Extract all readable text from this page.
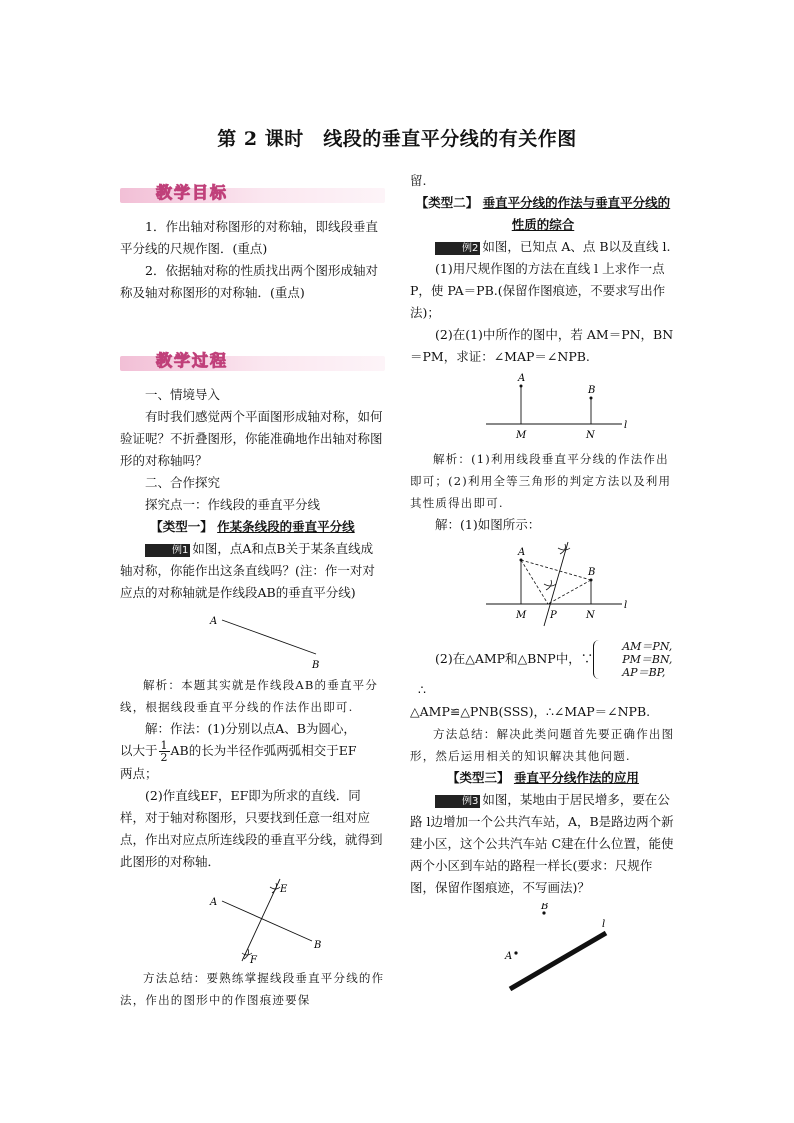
第 2 课时　线段的垂直平分线的有关作图
教学目标

1．作出轴对称图形的对称轴，即线段垂直平分线的尺规作图．(重点)

2．依据轴对称的性质找出两个图形成轴对称及轴对称图形的对称轴．(重点)

教学过程

一、情境导入

有时我们感觉两个平面图形成轴对称，如何验证呢？不折叠图形，你能准确地作出轴对称图形的对称轴吗？

二、合作探究

探究点一：作线段的垂直平分线

【类型一】 作某条线段的垂直平分线

例1 如图，点A和点B关于某条直线成轴对称，你能作出这条直线吗？(注：作一对对应点的对称轴就是作线段AB的垂直平分线)

A
B

解析：本题其实就是作线段AB的垂直平分线，根据线段垂直平分线的作法作出即可.

解：作法：(1)分别以点A、B为圆心，

以大于 $\frac{1}{2}$ AB的长为半径作弧两弧相交于EF

两点；

(2)作直线EF，EF即为所求的直线．同样，对于轴对称图形，只要找到任意一组对应点，作出对应点所连线段的垂直平分线，就得到此图形的对称轴．

A
B
E
F

方法总结：要熟练掌握线段垂直平分线的作法，作出的图形中的作图痕迹要保

留.

【类型二】 垂直平分线的作法与垂直平分线的性质的综合

例2 如图，已知点 A、点 B以及直线 l.

(1)用尺规作图的方法在直线 l 上求作一点 P，使 PA＝PB.(保留作图痕迹，不要求写出作法)；

(2)在(1)中所作的图中，若 AM＝PN，BN＝PM，求证：∠MAP＝∠NPB.

A
B
M	N
l

解析：(1)利用线段垂直平分线的作法作出即可；(2)利用全等三角形的判定方法以及利用其性质得出即可.

解：(1)如图所示：

A
B
M P	N
l

(2)在△AMP和△BNP中，∵
AM＝PN,
PM＝BN,
AP＝BP,
∴

△AMP≌△PNB(SSS)，∴∠MAP＝∠NPB.

方法总结：解决此类问题首先要正确作出图形，然后运用相关的知识解决其他问题.

【类型三】 垂直平分线作法的应用

例3 如图，某地由于居民增多，要在公路 l边增加一个公共汽车站，A，B是路边两个新建小区，这个公共汽车站 C建在什么位置，能使两个小区到车站的路程一样长(要求：尺规作图，保留作图痕迹，不写画法)？

B
A
l
